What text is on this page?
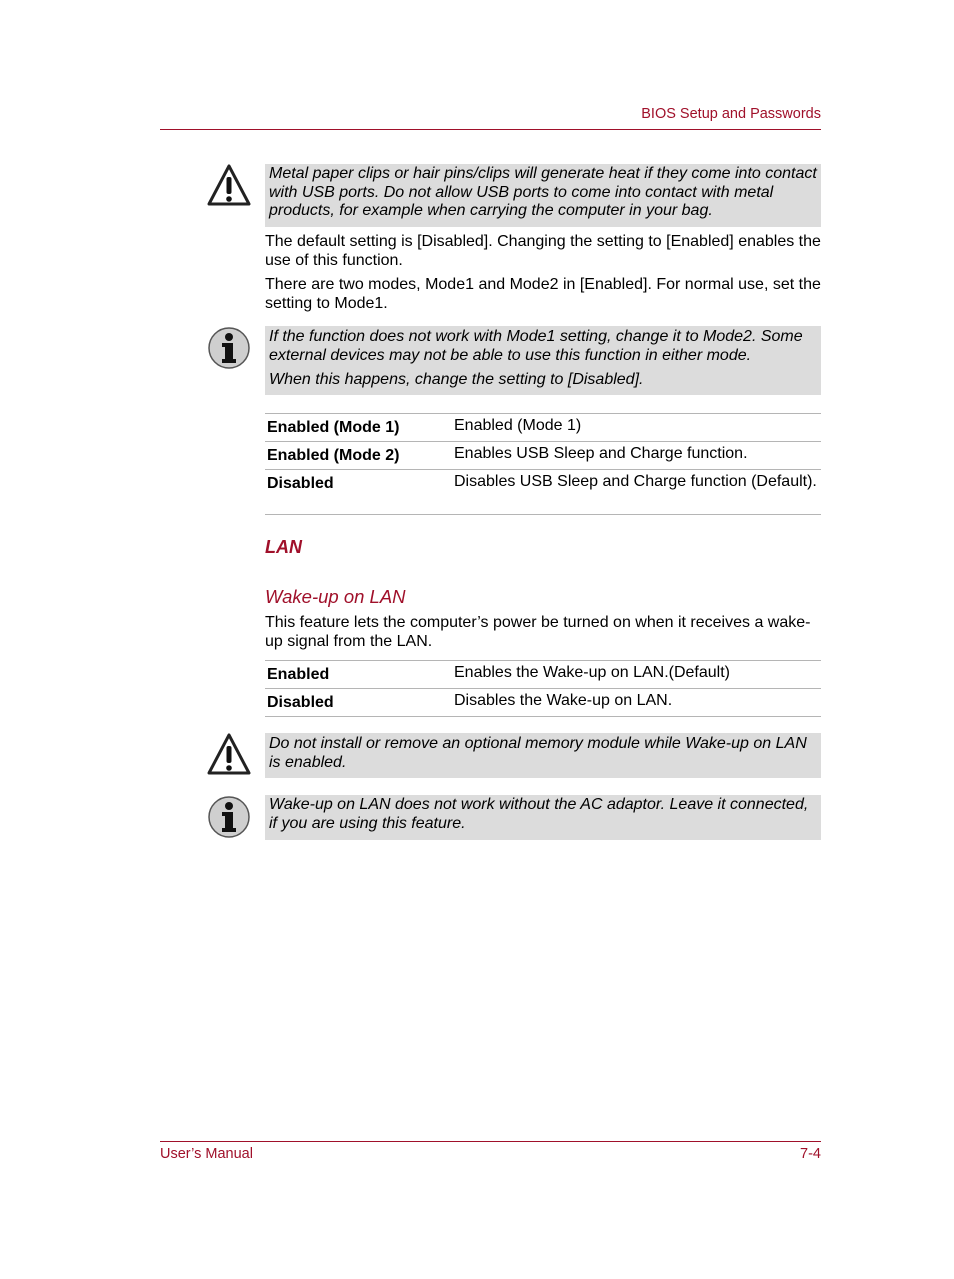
BIOS Setup and Passwords

Metal paper clips or hair pins/clips will generate heat if they come into contact with USB ports. Do not allow USB ports to come into contact with metal products, for example when carrying the computer in your bag.

The default setting is [Disabled]. Changing the setting to [Enabled] enables the use of this function.

There are two modes, Mode1 and Mode2 in [Enabled]. For normal use, set the setting to Mode1.

If the function does not work with Mode1 setting, change it to Mode2. Some external devices may not be able to use this function in either mode.

When this happens, change the setting to [Disabled].

Enabled (Mode 1)	Enabled (Mode 1)
Enabled (Mode 2)	Enables USB Sleep and Charge function.
Disabled	Disables USB Sleep and Charge function (Default).
LAN
Wake-up on LAN

This feature lets the computer’s power be turned on when it receives a wake-up signal from the LAN.

Enabled	Enables the Wake-up on LAN.(Default)
Disabled	Disables the Wake-up on LAN.

Do not install or remove an optional memory module while Wake-up on LAN is enabled.

Wake-up on LAN does not work without the AC adaptor. Leave it connected, if you are using this feature.

User’s Manual	7-4
